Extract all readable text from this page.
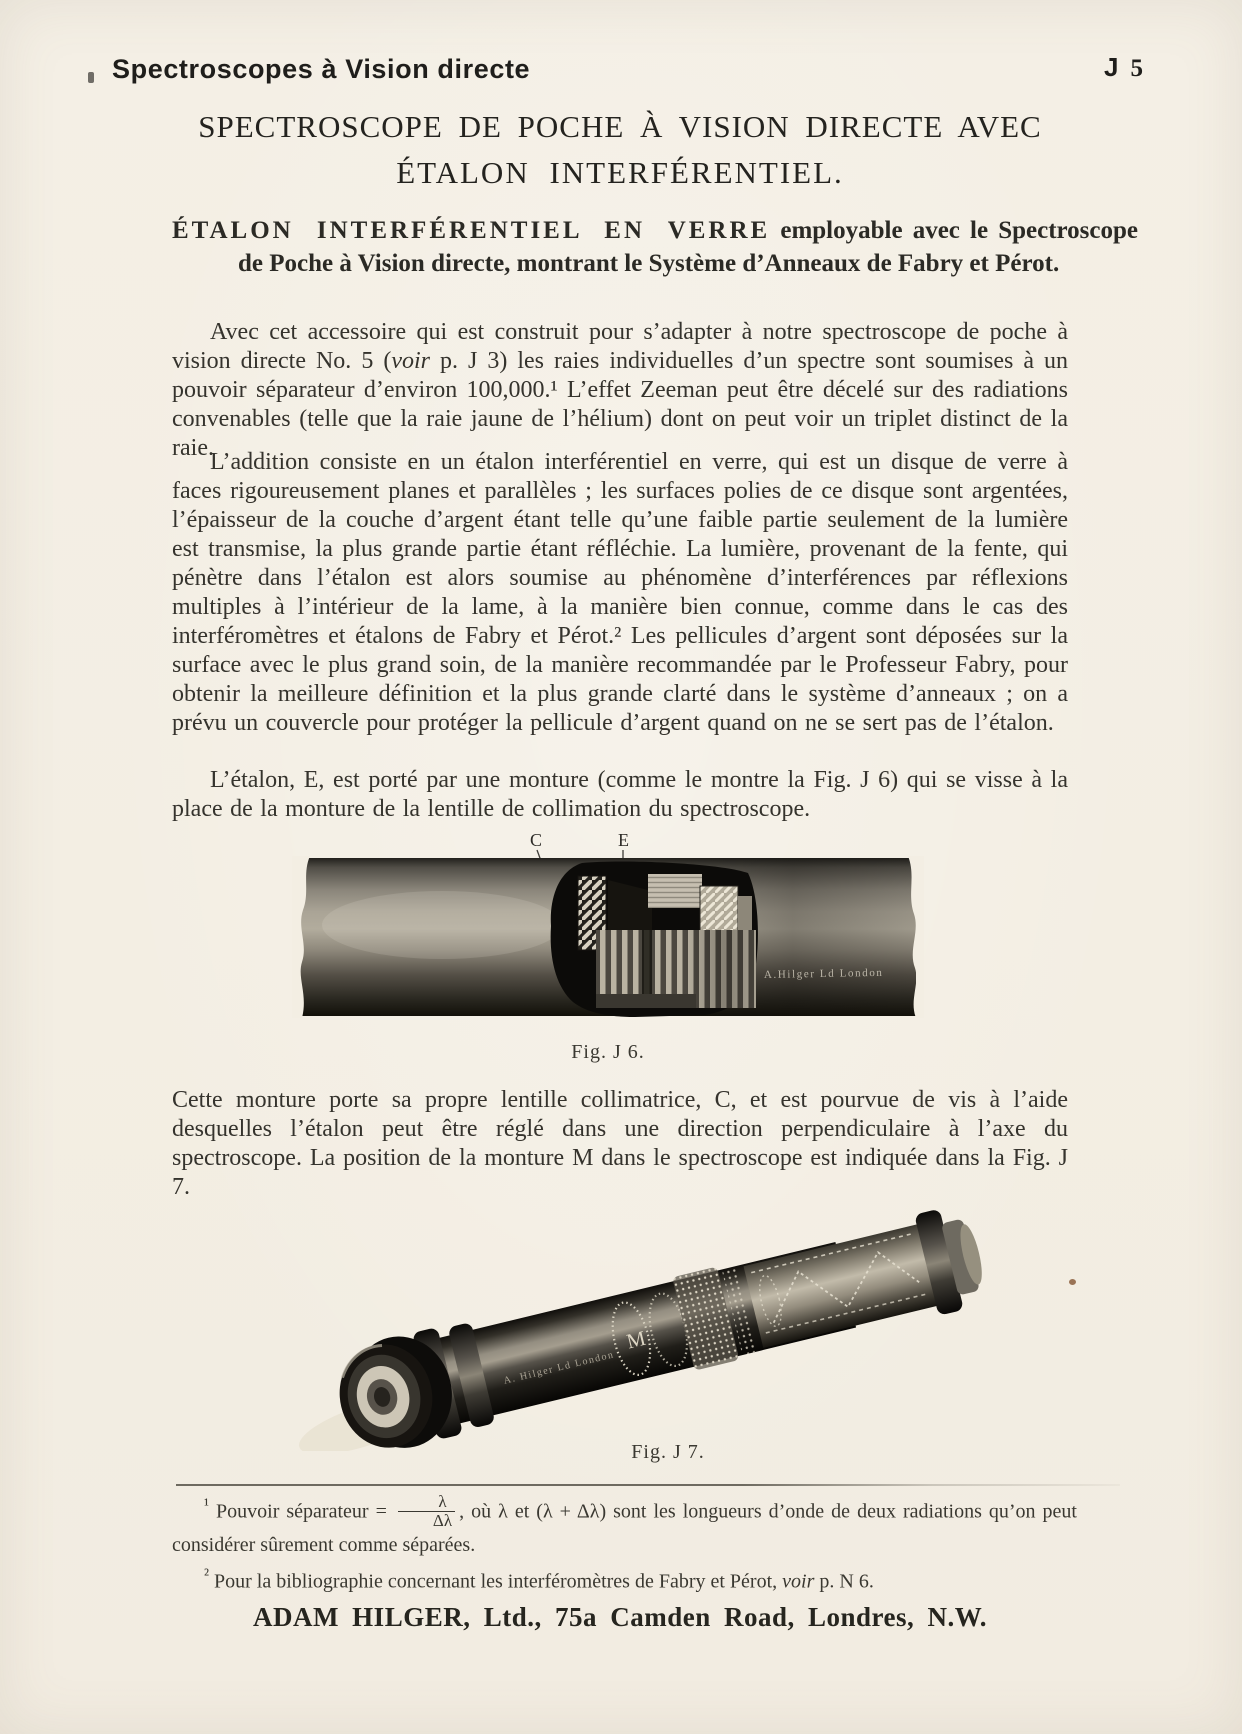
Spectroscopes à Vision directe	J 5
SPECTROSCOPE DE POCHE À VISION DIRECTE AVEC
ÉTALON INTERFÉRENTIEL.
ÉTALON INTERFÉRENTIEL EN VERRE employable avec le Spectroscope de Poche à Vision directe, montrant le Système d’Anneaux de Fabry et Pérot.
Avec cet accessoire qui est construit pour s’adapter à notre spectroscope de poche à vision directe No. 5 (voir p. J 3) les raies individuelles d’un spectre sont soumises à un pouvoir séparateur d’environ 100,000.¹ L’effet Zeeman peut être décelé sur des radiations convenables (telle que la raie jaune de l’hélium) dont on peut voir un triplet distinct de la raie.
L’addition consiste en un étalon interférentiel en verre, qui est un disque de verre à faces rigoureusement planes et parallèles ; les surfaces polies de ce disque sont argentées, l’épaisseur de la couche d’argent étant telle qu’une faible partie seulement de la lumière est transmise, la plus grande partie étant réfléchie. La lumière, provenant de la fente, qui pénètre dans l’étalon est alors soumise au phénomène d’interférences par réflexions multiples à l’intérieur de la lame, à la manière bien connue, comme dans le cas des interféromètres et étalons de Fabry et Pérot.² Les pellicules d’argent sont déposées sur la surface avec le plus grand soin, de la manière recommandée par le Professeur Fabry, pour obtenir la meilleure définition et la plus grande clarté dans le système d’anneaux ; on a prévu un couvercle pour protéger la pellicule d’argent quand on ne se sert pas de l’étalon.
L’étalon, E, est porté par une monture (comme le montre la Fig. J 6) qui se visse à la place de la monture de la lentille de collimation du spectroscope.
C	E
A.Hilger Ld London
Fig. J 6.
Cette monture porte sa propre lentille collimatrice, C, et est pourvue de vis à l’aide desquelles l’étalon peut être réglé dans une direction perpendiculaire à l’axe du spectroscope. La position de la monture M dans le spectroscope est indiquée dans la Fig. J 7.
A. Hilger Ld London
M
Fig. J 7.

$^{^1}$ Pouvoir séparateur = $\frac{\lambda}{\Delta\lambda}$ , où λ et (λ + Δλ) sont les longueurs d’onde de deux radiations qu’on peut considérer sûrement comme séparées.

$^{^2}$ Pour la bibliographie concernant les interféromètres de Fabry et Pérot, voir p. N 6.

ADAM HILGER, Ltd., 75a Camden Road, Londres, N.W.
